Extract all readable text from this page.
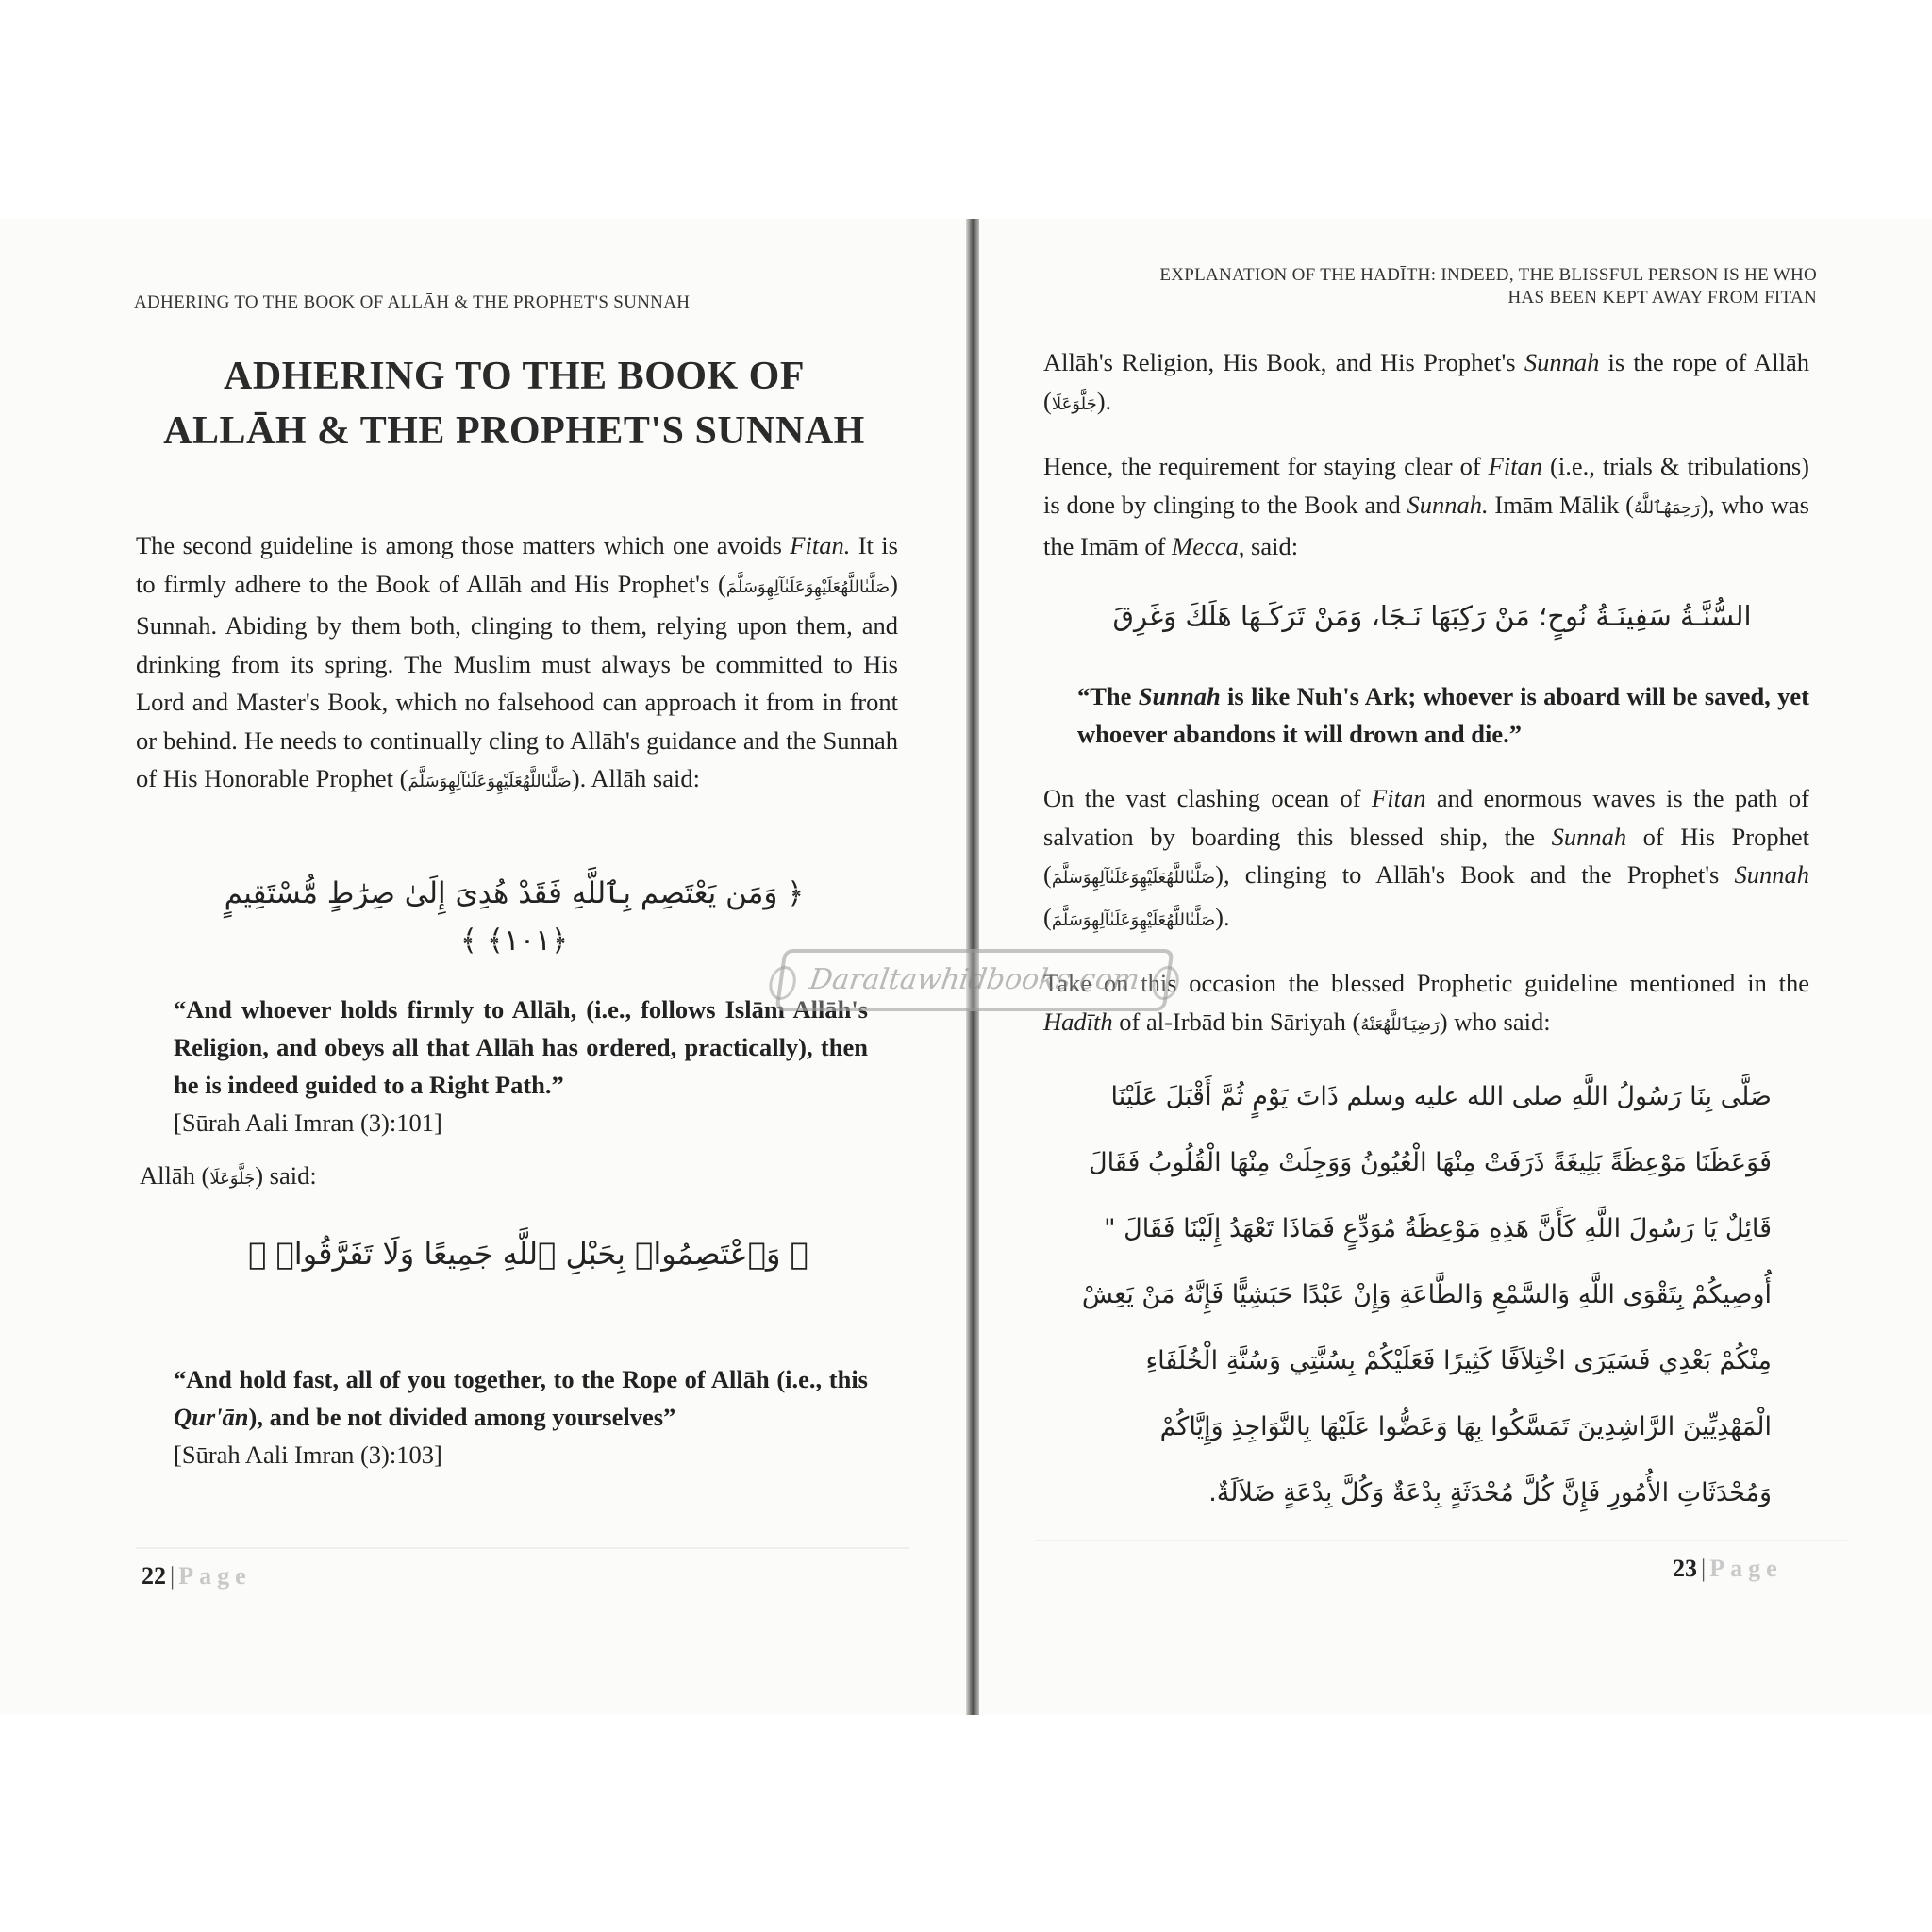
ADHERING TO THE BOOK OF ALLĀH & THE PROPHET'S SUNNAH
ADHERING TO THE BOOK OF
ALLĀH & THE PROPHET'S SUNNAH
The second guideline is among those matters which one avoids Fitan. It is to firmly adhere to the Book of Allāh and His Prophet's (صَلَّىٰاللَّهُعَلَيْهِوَعَلَىٰآلِهِوَسَلَّمَ) Sunnah. Abiding by them both, clinging to them, relying upon them, and drinking from its spring. The Muslim must always be committed to His Lord and Master's Book, which no falsehood can approach it from in front or behind. He needs to continually cling to Allāh's guidance and the Sunnah of His Honorable Prophet (صَلَّىٰاللَّهُعَلَيْهِوَعَلَىٰآلِهِوَسَلَّمَ). Allāh said:
﴿ وَمَن يَعْتَصِم بِٱللَّهِ فَقَدْ هُدِىَ إِلَىٰ صِرَٰطٍ مُّسْتَقِيمٍ ﴿١٠١﴾ ﴾
“And whoever holds firmly to Allāh, (i.e., follows Islām Allāh's Religion, and obeys all that Allāh has ordered, practically), then he is indeed guided to a Right Path.”
[Sūrah Aali Imran (3):101]
Allāh (جَلَّوَعَلَا) said:
﴿ وَٱعْتَصِمُوا۟ بِحَبْلِ ٱللَّهِ جَمِيعًا وَلَا تَفَرَّقُوا۟ ﴾
“And hold fast, all of you together, to the Rope of Allāh (i.e., this Qur'ān), and be not divided among yourselves”
[Sūrah Aali Imran (3):103]
22 | Page
EXPLANATION OF THE HADĪTH: INDEED, THE BLISSFUL PERSON IS HE WHO
HAS BEEN KEPT AWAY FROM FITAN
Allāh's Religion, His Book, and His Prophet's Sunnah is the rope of Allāh (جَلَّوَعَلَا).
Hence, the requirement for staying clear of Fitan (i.e., trials & tribulations) is done by clinging to the Book and Sunnah. Imām Mālik (رَحِمَهُٱللَّهُ), who was the Imām of Mecca, said:
السُّنَّـةُ سَفِينَـةُ نُوحٍ؛ مَنْ رَكِبَهَا نَـجَا، وَمَنْ تَرَكَـهَا هَلَكَ وَغَرِقَ
“The Sunnah is like Nuh's Ark; whoever is aboard will be saved, yet whoever abandons it will drown and die.”
On the vast clashing ocean of Fitan and enormous waves is the path of salvation by boarding this blessed ship, the Sunnah of His Prophet (صَلَّىٰاللَّهُعَلَيْهِوَعَلَىٰآلِهِوَسَلَّمَ), clinging to Allāh's Book and the Prophet's Sunnah (صَلَّىٰاللَّهُعَلَيْهِوَعَلَىٰآلِهِوَسَلَّمَ).
Take on this occasion the blessed Prophetic guideline mentioned in the Hadīth of al-Irbād bin Sāriyah (رَضِيَٱللَّهُعَنْهُ) who said:
صَلَّى بِنَا رَسُولُ اللَّهِ صلى الله عليه وسلم ذَاتَ يَوْمٍ ثُمَّ أَقْبَلَ عَلَيْنَا
فَوَعَظَنَا مَوْعِظَةً بَلِيغَةً ذَرَفَتْ مِنْهَا الْعُيُونُ وَوَجِلَتْ مِنْهَا الْقُلُوبُ فَقَالَ
قَائِلٌ يَا رَسُولَ اللَّهِ كَأَنَّ هَذِهِ مَوْعِظَةُ مُوَدِّعٍ فَمَاذَا تَعْهَدُ إِلَيْنَا فَقَالَ "
أُوصِيكُمْ بِتَقْوَى اللَّهِ وَالسَّمْعِ وَالطَّاعَةِ وَإِنْ عَبْدًا حَبَشِيًّا فَإِنَّهُ مَنْ يَعِشْ
مِنْكُمْ بَعْدِي فَسَيَرَى اخْتِلاَفًا كَثِيرًا فَعَلَيْكُمْ بِسُنَّتِي وَسُنَّةِ الْخُلَفَاءِ
الْمَهْدِيِّينَ الرَّاشِدِينَ تَمَسَّكُوا بِهَا وَعَضُّوا عَلَيْهَا بِالنَّوَاجِذِ وَإِيَّاكُمْ
وَمُحْدَثَاتِ الأُمُورِ فَإِنَّ كُلَّ مُحْدَثَةٍ بِدْعَةٌ وَكُلَّ بِدْعَةٍ ضَلاَلَةٌ.
23 | Page
Daraltawhidbooks.com
